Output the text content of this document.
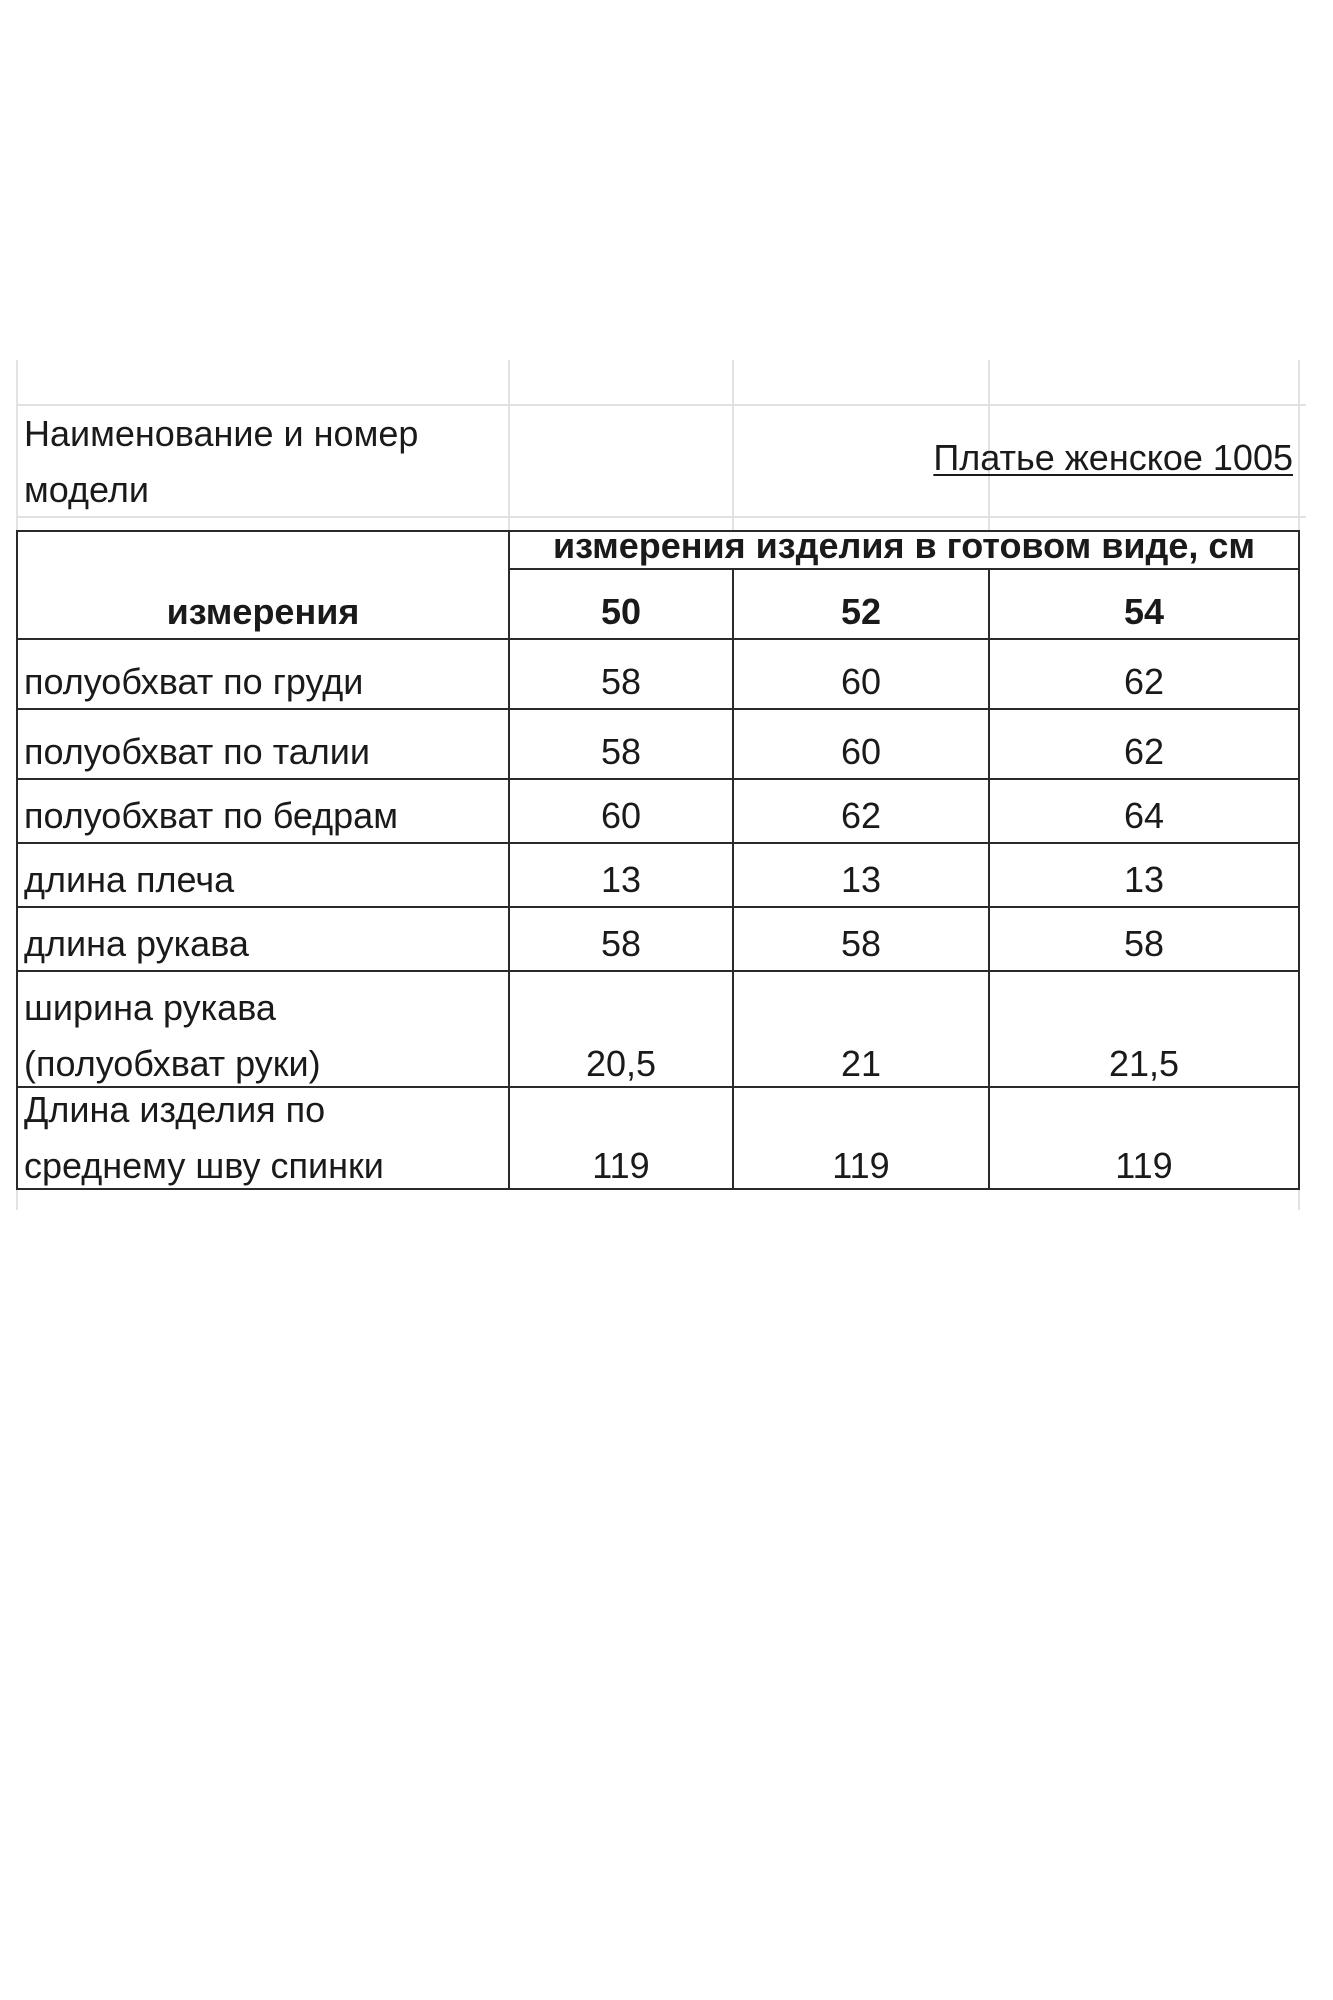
Наименование и номер
модели
Платье женское 1005
измерения изделия в готовом виде, см
измерения	50	52	54
полуобхват по груди	58	60	62
полуобхват по талии	58	60	62
полуобхват по бедрам	60	62	64
длина плеча	13	13	13
длина рукава	58	58	58
ширина рукава
(полуобхват руки)	20,5	21	21,5
Длина изделия по
среднему шву спинки	119	119	119
